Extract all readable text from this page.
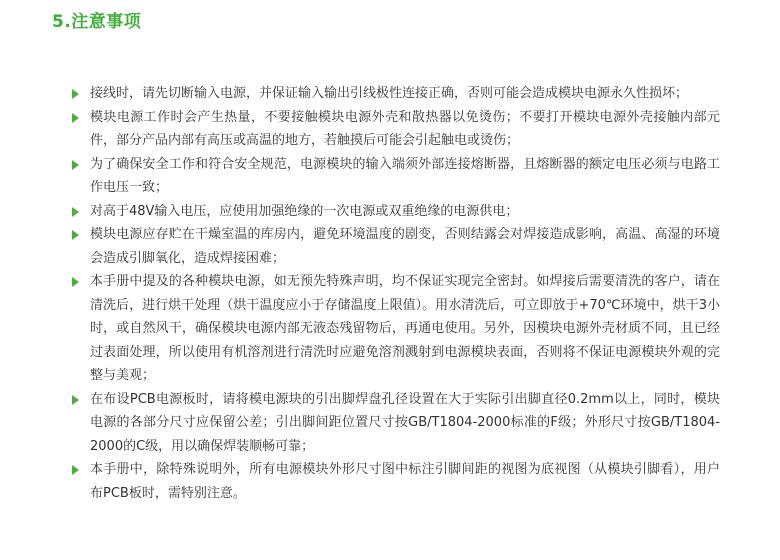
5.注意事项
接线时，请先切断输入电源，并保证输入输出引线极性连接正确，否则可能会造成模块电源永久性损坏；
模块电源工作时会产生热量，不要接触模块电源外壳和散热器以免烫伤；不要打开模块电源外壳接触内部元件，部分产品内部有高压或高温的地方，若触摸后可能会引起触电或烫伤；
为了确保安全工作和符合安全规范，电源模块的输入端须外部连接熔断器，且熔断器的额定电压必须与电路工作电压一致；
对高于48V输入电压，应使用加强绝缘的一次电源或双重绝缘的电源供电；
模块电源应存贮在干燥室温的库房内，避免环境温度的剧变，否则结露会对焊接造成影响，高温、高湿的环境会造成引脚氧化，造成焊接困难；
本手册中提及的各种模块电源，如无预先特殊声明，均不保证实现完全密封。如焊接后需要清洗的客户，请在清洗后，进行烘干处理（烘干温度应小于存储温度上限值）。用水清洗后，可立即放于+70℃环境中，烘干3小时，或自然风干，确保模块电源内部无液态残留物后，再通电使用。另外，因模块电源外壳材质不同，且已经过表面处理，所以使用有机溶剂进行清洗时应避免溶剂溅射到电源模块表面，否则将不保证电源模块外观的完整与美观；
在布设PCB电源板时，请将模电源块的引出脚焊盘孔径设置在大于实际引出脚直径0.2mm以上，同时，模块电源的各部分尺寸应保留公差；引出脚间距位置尺寸按GB/T1804-2000标准的F级；外形尺寸按GB/T1804-2000的C级，用以确保焊装顺畅可靠；
本手册中，除特殊说明外，所有电源模块外形尺寸图中标注引脚间距的视图为底视图（从模块引脚看），用户布PCB板时，需特别注意。
